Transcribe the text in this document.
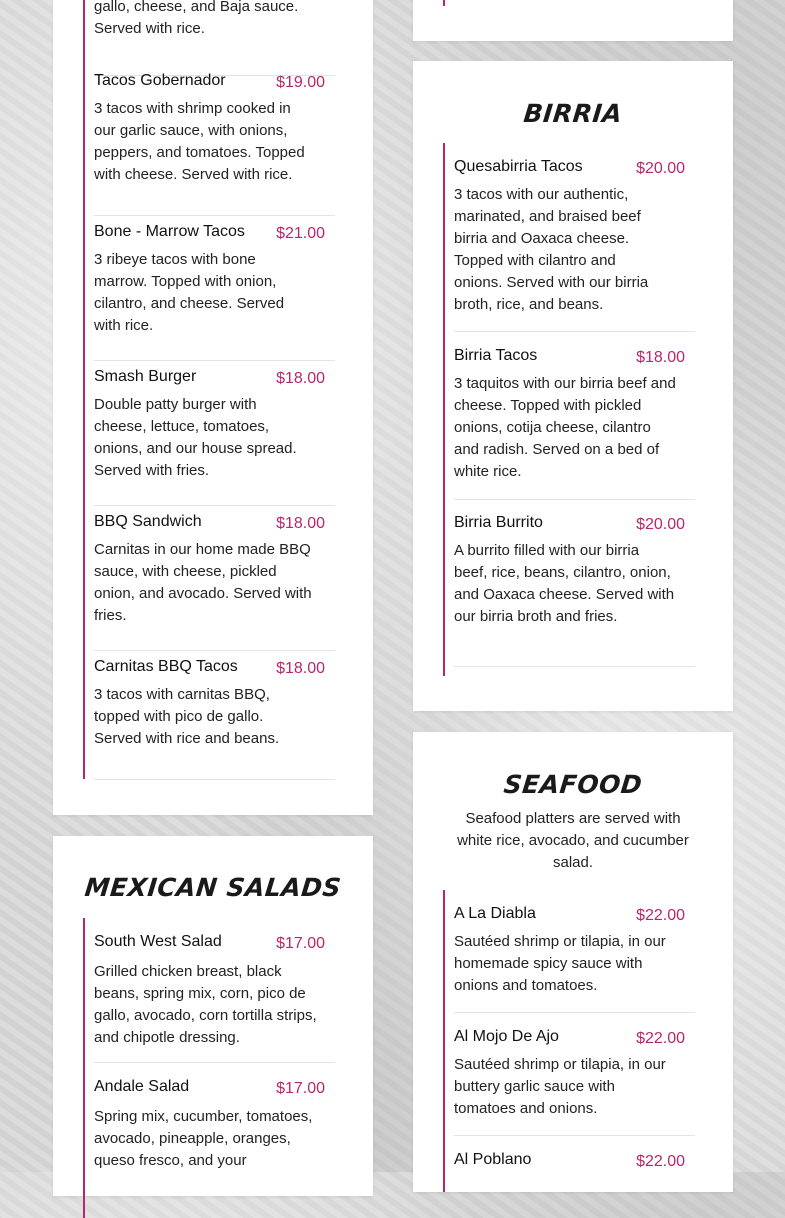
gallo, cheese, and Baja sauce. Served with rice.
Tacos Gobernador	$19.00
3 tacos with shrimp cooked in our garlic sauce, with onions, peppers, and tomatoes. Topped with cheese. Served with rice.
Bone - Marrow Tacos $21.00
3 ribeye tacos with bone marrow. Topped with onion, cilantro, and cheese. Served with rice.
Smash Burger	$18.00
Double patty burger with cheese, lettuce, tomatoes, onions, and our house spread. Served with fries.
BBQ Sandwich	$18.00
Carnitas in our home made BBQ sauce, with cheese, pickled onion, and avocado. Served with fries.
Carnitas BBQ Tacos $18.00
3 tacos with carnitas BBQ, topped with pico de gallo. Served with rice and beans.
MEXICAN SALADS
South West Salad	$17.00
Grilled chicken breast, black beans, spring mix, corn, pico de gallo, avocado, corn tortilla strips, and chipotle dressing.
Andale Salad	$17.00
Spring mix, cucumber, tomatoes, avocado, pineapple, oranges, queso fresco, and your
BIRRIA
Quesabirria Tacos	$20.00
3 tacos with our authentic, marinated, and braised beef birria and Oaxaca cheese. Topped with cilantro and onions. Served with our birria broth, rice, and beans.
Birria Tacos	$18.00
3 taquitos with our birria beef and cheese. Topped with pickled onions, cotija cheese, cilantro and radish. Served on a bed of white rice.
Birria Burrito	$20.00
A burrito filled with our birria beef, rice, beans, cilantro, onion, and Oaxaca cheese. Served with our birria broth and fries.
SEAFOOD

Seafood platters are served with white rice, avocado, and cucumber salad.

A La Diabla	$22.00
Sautéed shrimp or tilapia, in our homemade spicy sauce with onions and tomatoes.
Al Mojo De Ajo	$22.00
Sautéed shrimp or tilapia, in our buttery garlic sauce with tomatoes and onions.
Al Poblano	$22.00
